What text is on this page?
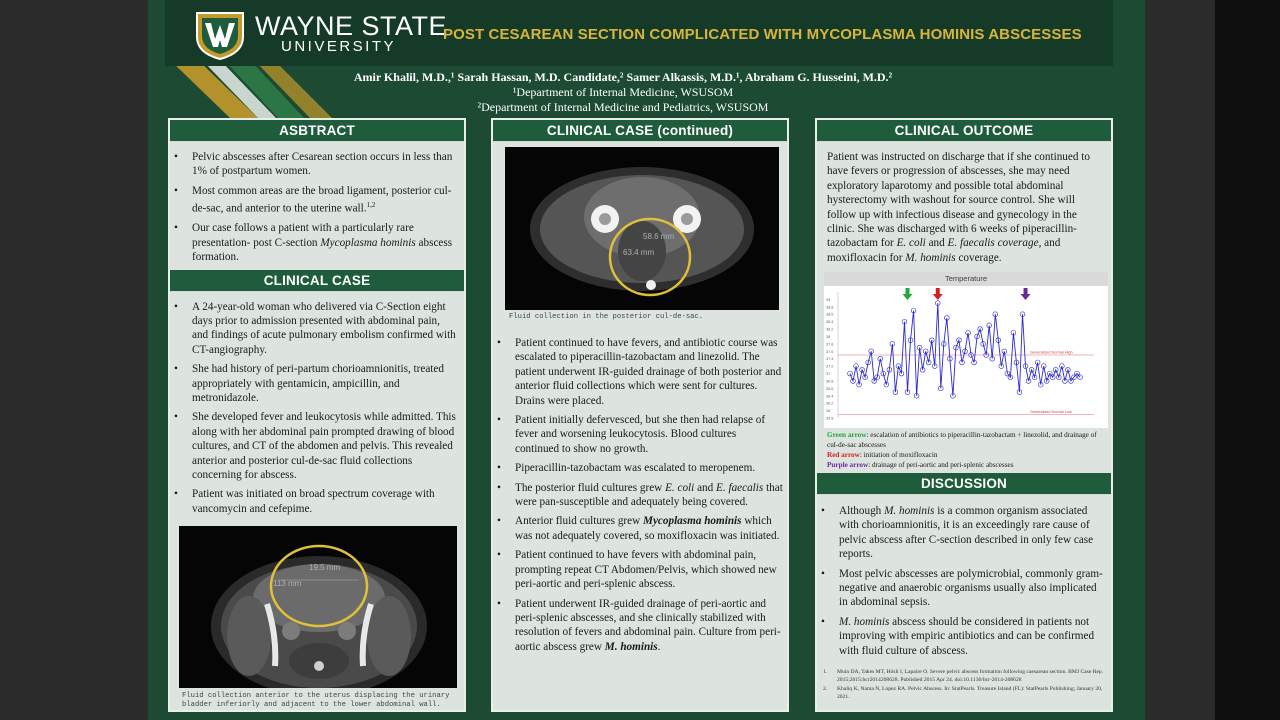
WAYNE STATE
UNIVERSITY
POST CESAREAN SECTION COMPLICATED WITH MYCOPLASMA HOMINIS ABSCESSES
Amir Khalil, M.D.,¹ Sarah Hassan, M.D. Candidate,² Samer Alkassis, M.D.¹, Abraham G. Husseini, M.D.²
¹Department of Internal Medicine, WSUSOM
²Department of Internal Medicine and Pediatrics, WSUSOM
ASBTRACT
• Pelvic abscesses after Cesarean section occurs in less than 1% of postpartum women.
• Most common areas are the broad ligament, posterior cul-de-sac, and anterior to the uterine wall.$^{1,2}$
• Our case follows a patient with a particularly rare presentation- post C-section Mycoplasma hominis abscess formation.
CLINICAL CASE
• A 24-year-old woman who delivered via C-Section eight days prior to admission presented with abdominal pain, and findings of acute pulmonary embolism confirmed with CT-angiography.
• She had history of peri-partum chorioamnionitis, treated appropriately with gentamicin, ampicillin, and metronidazole.
• She developed fever and leukocytosis while admitted. This along with her abdominal pain prompted drawing of blood cultures, and CT of the abdomen and pelvis. This revealed anterior and posterior cul-de-sac fluid collections concerning for abscess.
• Patient was initiated on broad spectrum coverage with vancomycin and cefepime.
19.5 mm
113 mm
Fluid collection anterior to the uterus displacing the urinary bladder inferiorly and adjacent to the lower abdominal wall.
CLINICAL CASE (continued)
58.6 mm
63.4 mm
Fluid collection in the posterior cul-de-sac.
• Patient continued to have fevers, and antibiotic course was escalated to piperacillin-tazobactam and linezolid. The patient underwent IR-guided drainage of both posterior and anterior fluid collections which were sent for cultures. Drains were placed.
• Patient initially defervesced, but she then had relapse of fever and worsening leukocytosis. Blood cultures continued to show no growth.
• Piperacillin-tazobactam was escalated to meropenem.
• The posterior fluid cultures grew E. coli and E. faecalis that were pan-susceptible and adequately being covered.
• Anterior fluid cultures grew Mycoplasma hominis which was not adequately covered, so moxifloxacin was initiated.
• Patient continued to have fevers with abdominal pain, prompting repeat CT Abdomen/Pelvis, which showed new peri-aortic and peri-splenic abscess.
• Patient underwent IR-guided drainage of peri-aortic and peri-splenic abscesses, and she clinically stabilized with resolution of fevers and abdominal pain. Culture from peri-aortic abscess grew M. hominis.
CLINICAL OUTCOME
Patient was instructed on discharge that if she continued to have fevers or progression of abscesses, she may need exploratory laparotomy and possible total abdominal hysterectomy with washout for source control. She will follow up with infectious disease and gynecology in the clinic. She was discharged with 6 weeks of piperacillin-tazobactam for E. coli and E. faecalis coverage, and moxifloxacin for M. hominis coverage.
Temperature
39
38.8
38.6
38.4
38.2
38
37.8
37.6
37.4
37.2
37
36.8
36.6
36.4
36.2
36
35.8
Generalized Normal High
Generalized Normal Low
Green arrow: escalation of antibiotics to piperacillin-tazobactam + linezolid, and drainage of cul-de-sac abscesses
Red arrow: initiation of moxifloxacin
Purple arrow: drainage of peri-aortic and peri-splenic abscesses
DISCUSSION
• Although M. hominis is a common organism associated with chorioamnionitis, it is an exceedingly rare cause of pelvic abscess after C-section described in only few case reports.
• Most pelvic abscesses are polymicrobial, commonly gram-negative and anaerobic organisms usually also implicated in abdominal sepsis.
• M. hominis abscess should be considered in patients not improving with empiric antibiotics and can be confirmed with fluid culture of abscess.
1. Muin DA, Takes MT, Hösli I, Lapaire O. Severe pelvic abscess formation following caesarean section. BMJ Case Rep. 2015;2015:bcr2014208628. Published 2015 Apr 24. doi:10.1136/bcr-2014-208628
2. Khaliq K, Nama N, Lopez RA. Pelvic Abscess. In: StatPearls. Treasure Island (FL): StatPearls Publishing; January 20, 2021.
